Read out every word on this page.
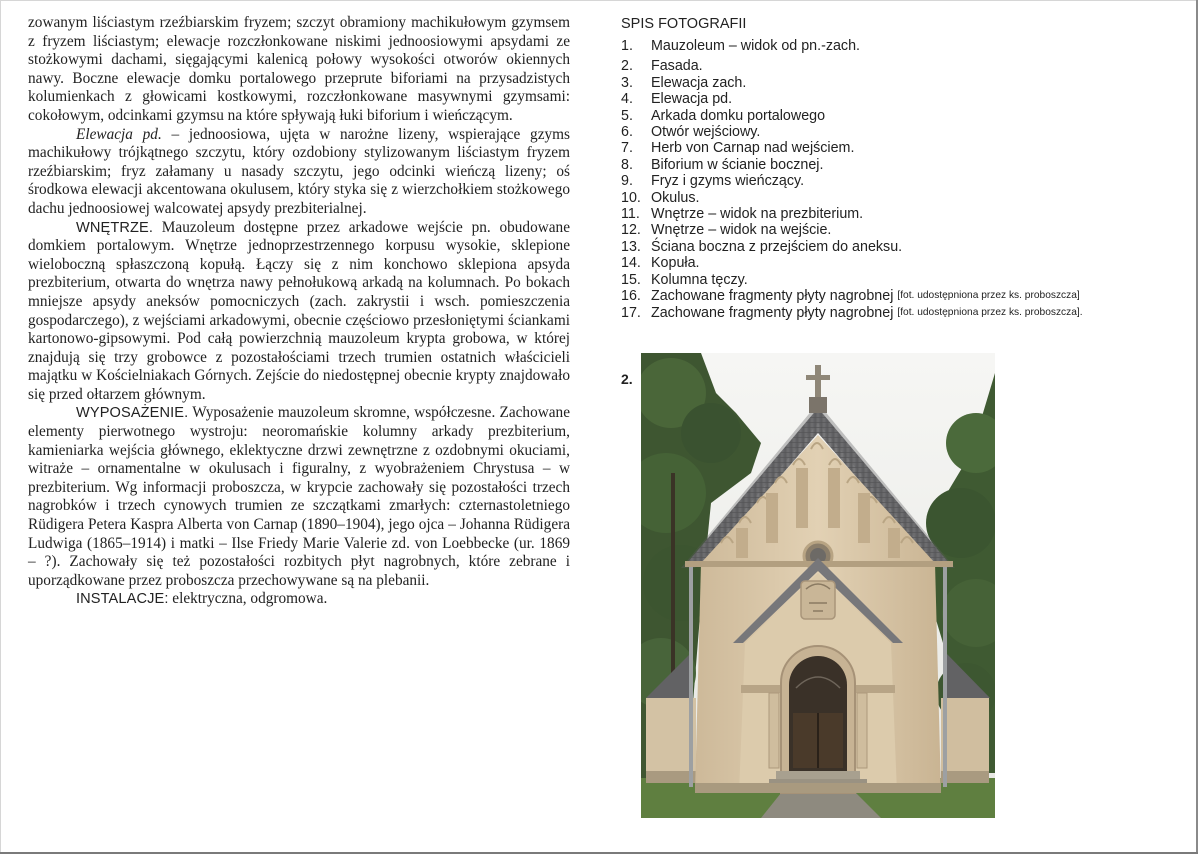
zowanym liściastym rzeźbiarskim fryzem; szczyt obramiony machikułowym gzymsem z fryzem liściastym; elewacje rozczłonkowane niskimi jednoosiowymi apsydami ze stożkowymi dachami, sięgającymi kalenicą połowy wysokości otworów okiennych nawy. Boczne elewacje domku portalowego przeprute biforiami na przysadzistych kolumienkach z głowicami kostkowymi, rozczłonkowane masywnymi gzymsami: cokołowym, odcinkami gzymsu na które spływają łuki biforium i wieńczącym.

Elewacja pd. – jednoosiowa, ujęta w narożne lizeny, wspierające gzyms machikułowy trójkątnego szczytu, który ozdobiony stylizowanym liściastym fryzem rzeźbiarskim; fryz załamany u nasady szczytu, jego odcinki wieńczą lizeny; oś środkowa elewacji akcentowana okulusem, który styka się z wierzchołkiem stożkowego dachu jednoosiowej walcowatej apsydy prezbiterialnej.

WNĘTRZE. Mauzoleum dostępne przez arkadowe wejście pn. obudowane domkiem portalowym. Wnętrze jednoprzestrzennego korpusu wysokie, sklepione wieloboczną spłaszczoną kopułą. Łączy się z nim konchowo sklepiona apsyda prezbiterium, otwarta do wnętrza nawy pełnołukową arkadą na kolumnach. Po bokach mniejsze apsydy aneksów pomocniczych (zach. zakrystii i wsch. pomieszczenia gospodarczego), z wejściami arkadowymi, obecnie częściowo przesłoniętymi ściankami kartonowo-gipsowymi. Pod całą powierzchnią mauzoleum krypta grobowa, w której znajdują się trzy grobowce z pozostałościami trzech trumien ostatnich właścicieli majątku w Kościelniakach Górnych. Zejście do niedostępnej obecnie krypty znajdowało się przed ołtarzem głównym.

WYPOSAŻENIE. Wyposażenie mauzoleum skromne, współczesne. Zachowane elementy pierwotnego wystroju: neoromańskie kolumny arkady prezbiterium, kamieniarka wejścia głównego, eklektyczne drzwi zewnętrzne z ozdobnymi okuciami, witraże – ornamentalne w okulusach i figuralny, z wyobrażeniem Chrystusa – w prezbiterium. Wg informacji proboszcza, w krypcie zachowały się pozostałości trzech nagrobków i trzech cynowych trumien ze szczątkami zmarłych: czternastoletniego Rüdigera Petera Kaspra Alberta von Carnap (1890–1904), jego ojca – Johanna Rüdigera Ludwiga (1865–1914) i matki – Ilse Friedy Marie Valerie zd. von Loebbecke (ur. 1869 – ?). Zachowały się też pozostałości rozbitych płyt nagrobnych, które zebrane i uporządkowane przez proboszcza przechowywane są na plebanii.

INSTALACJE: elektryczna, odgromowa.

SPIS FOTOGRAFII
1.	Mauzoleum – widok od pn.-zach.
2.	Fasada.
3.	Elewacja zach.
4.	Elewacja pd.
5.	Arkada domku portalowego
6.	Otwór wejściowy.
7.	Herb von Carnap nad wejściem.
8.	Biforium w ścianie bocznej.
9.	Fryz i gzyms wieńczący.
10. Okulus.
11. Wnętrze – widok na prezbiterium.
12. Wnętrze – widok na wejście.
13. Ściana boczna z przejściem do aneksu.
14. Kopuła.
15. Kolumna tęczy.
16. Zachowane fragmenty płyty nagrobnej
[fot. udostępniona przez ks. proboszcza]
17. Zachowane fragmenty płyty nagrobnej
[fot. udostępniona przez ks. proboszcza].
2.
